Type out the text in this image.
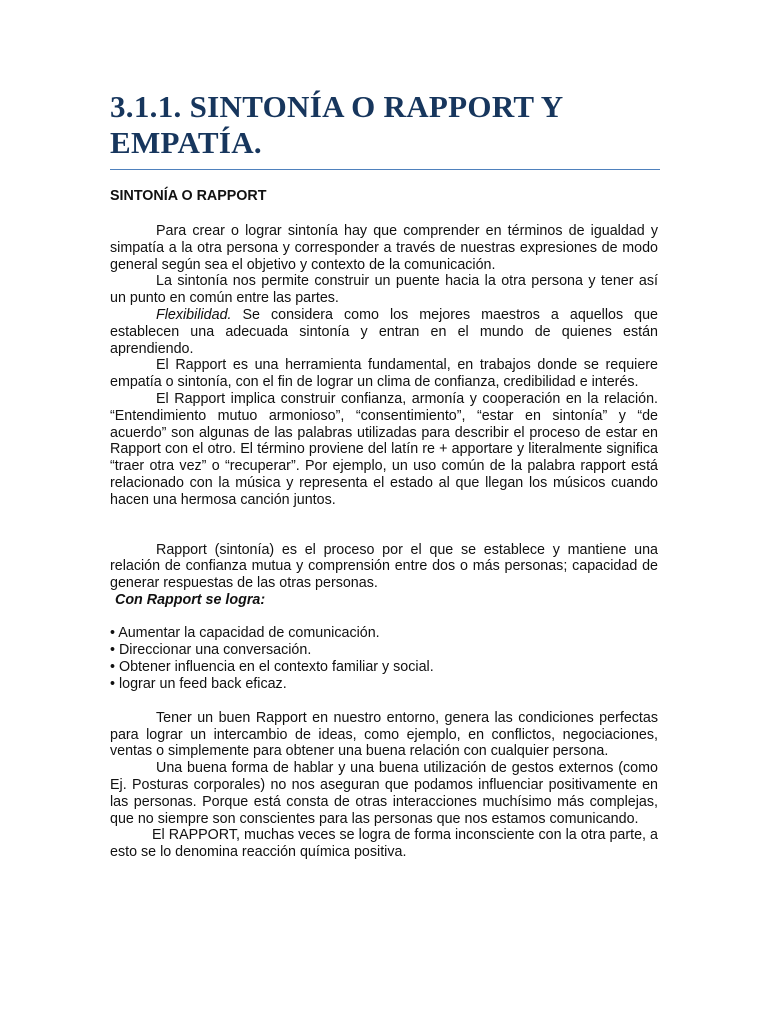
3.1.1. SINTONÍA O RAPPORT Y EMPATÍA.
SINTONÍA O RAPPORT

Para crear o lograr sintonía hay que comprender en términos de igualdad y simpatía a la otra persona y corresponder a través de nuestras expresiones de modo general según sea el objetivo y contexto de la comunicación.

La sintonía nos permite construir un puente hacia la otra persona y tener así un punto en común entre las partes.

Flexibilidad. Se considera como los mejores maestros a aquellos que establecen una adecuada sintonía y entran en el mundo de quienes están aprendiendo.

El Rapport es una herramienta fundamental, en trabajos donde se requiere empatía o sintonía, con el fin de lograr un clima de confianza, credibilidad e interés.

El Rapport implica construir confianza, armonía y cooperación en la relación. “Entendimiento mutuo armonioso”, “consentimiento”, “estar en sintonía” y “de acuerdo” son algunas de las palabras utilizadas para describir el proceso de estar en Rapport con el otro. El término proviene del latín re + apportare y literalmente significa “traer otra vez” o “recuperar”. Por ejemplo, un uso común de la palabra rapport está relacionado con la música y representa el estado al que llegan los músicos cuando hacen una hermosa canción juntos.

Rapport (sintonía) es el proceso por el que se establece y mantiene una relación de confianza mutua y comprensión entre dos o más personas; capacidad de generar respuestas de las otras personas.

Con Rapport se logra:

• Aumentar la capacidad de comunicación.
• Direccionar una conversación.
• Obtener influencia en el contexto familiar y social.
• lograr un feed back eficaz.

Tener un buen Rapport en nuestro entorno, genera las condiciones perfectas para lograr un intercambio de ideas, como ejemplo, en conflictos, negociaciones, ventas o simplemente para obtener una buena relación con cualquier persona.

Una buena forma de hablar y una buena utilización de gestos externos (como Ej. Posturas corporales) no nos aseguran que podamos influenciar positivamente en las personas. Porque está consta de otras interacciones muchísimo más complejas, que no siempre son conscientes para las personas que nos estamos comunicando.

El RAPPORT, muchas veces se logra de forma inconsciente con la otra parte, a esto se lo denomina reacción química positiva.
